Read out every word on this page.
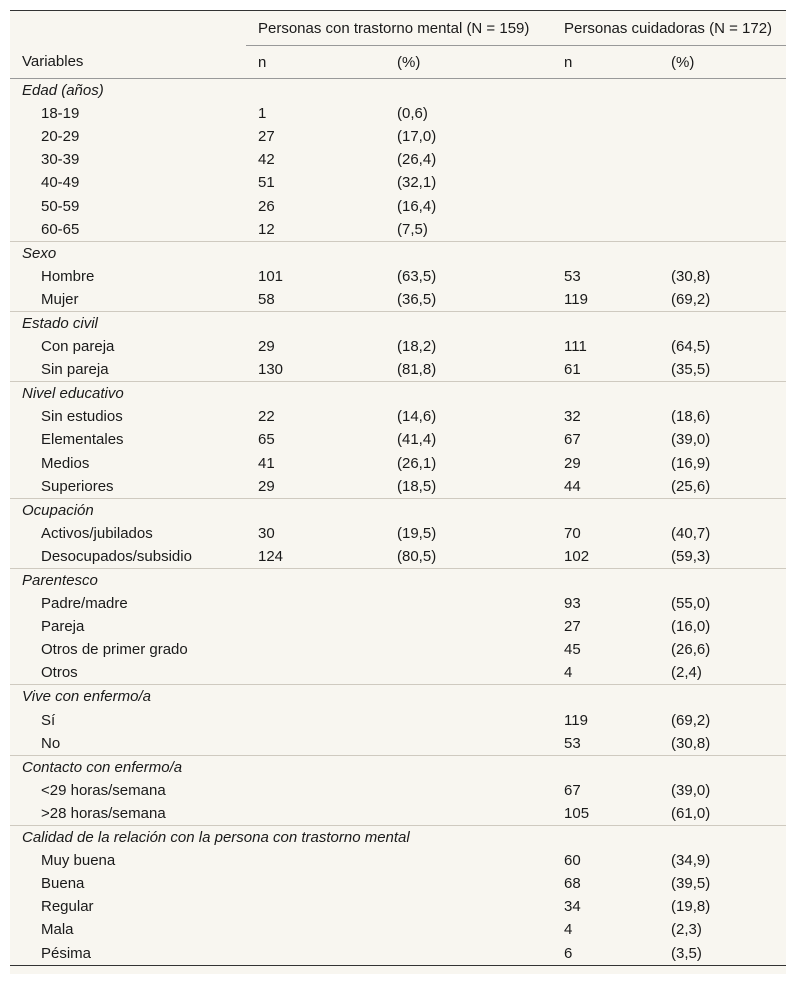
	Personas con trastorno mental (N = 159)		Personas cuidadoras (N = 172)	
Variables	n	(%)	n	(%)
Edad (años)				
18-19	1	(0,6)		
20-29	27	(17,0)		
30-39	42	(26,4)		
40-49	51	(32,1)		
50-59	26	(16,4)		
60-65	12	(7,5)		
Sexo				
Hombre	101	(63,5)	53	(30,8)
Mujer	58	(36,5)	119	(69,2)
Estado civil				
Con pareja	29	(18,2)	111	(64,5)
Sin pareja	130	(81,8)	61	(35,5)
Nivel educativo				
Sin estudios	22	(14,6)	32	(18,6)
Elementales	65	(41,4)	67	(39,0)
Medios	41	(26,1)	29	(16,9)
Superiores	29	(18,5)	44	(25,6)
Ocupación				
Activos/jubilados	30	(19,5)	70	(40,7)
Desocupados/subsidio	124	(80,5)	102	(59,3)
Parentesco				
Padre/madre			93	(55,0)
Pareja			27	(16,0)
Otros de primer grado			45	(26,6)
Otros			4	(2,4)
Vive con enfermo/a				
Sí			119	(69,2)
No			53	(30,8)
Contacto con enfermo/a				
<29 horas/semana			67	(39,0)
>28 horas/semana			105	(61,0)
Calidad de la relación con la persona con trastorno mental				
Muy buena			60	(34,9)
Buena			68	(39,5)
Regular			34	(19,8)
Mala			4	(2,3)
Pésima			6	(3,5)
